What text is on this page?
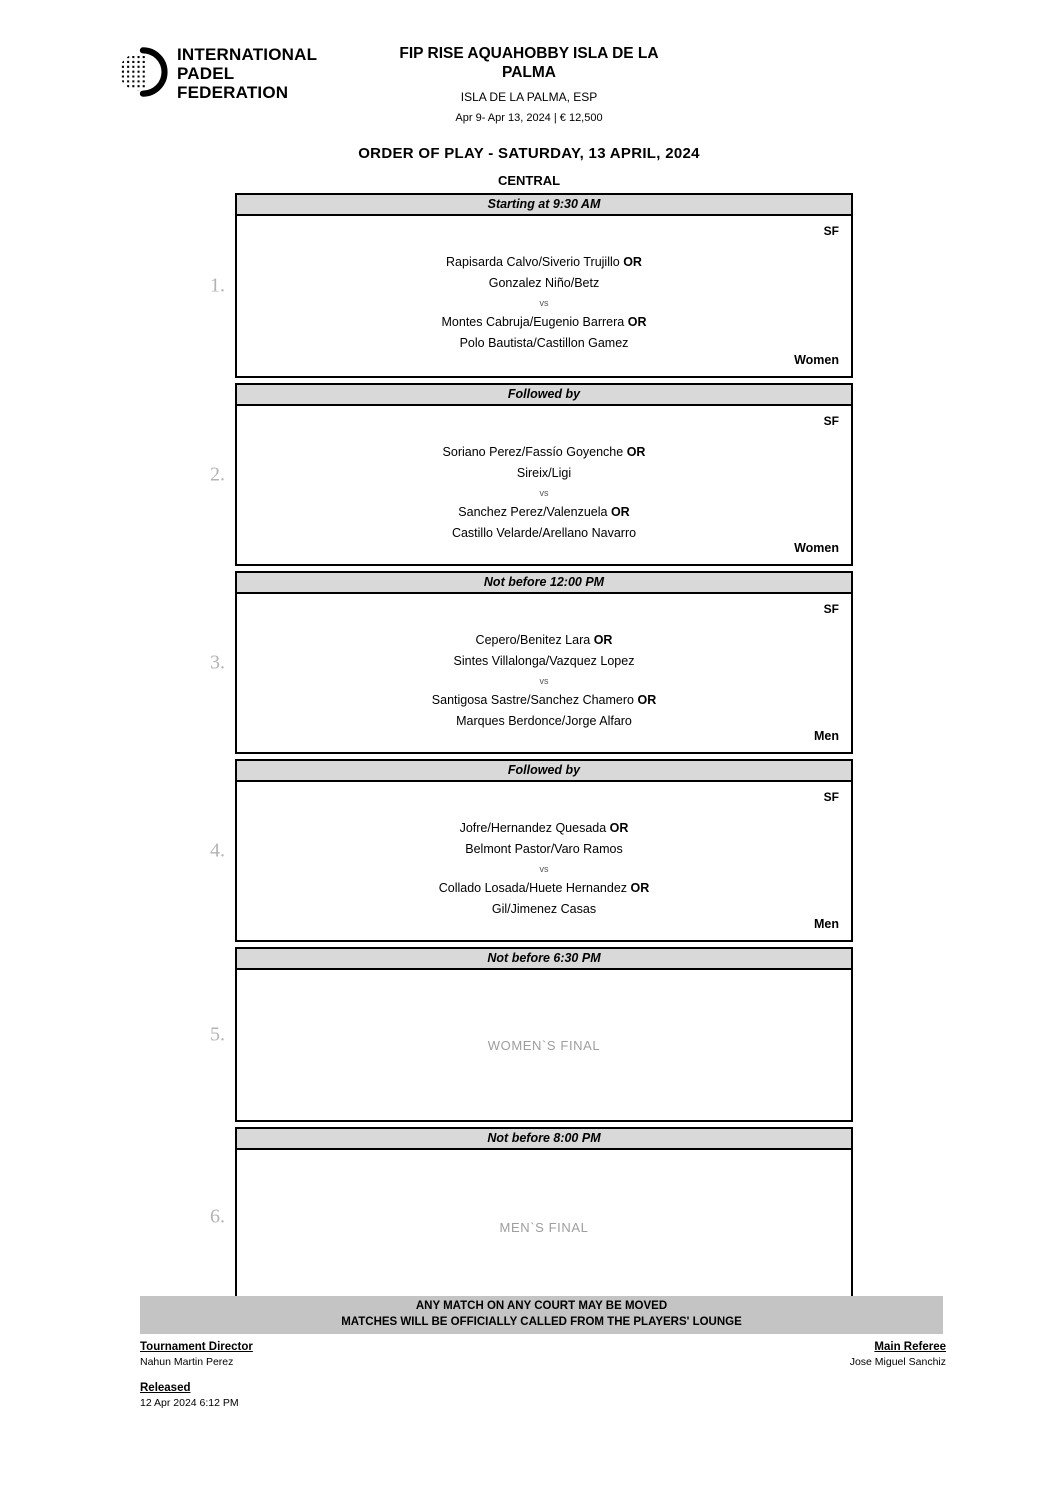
INTERNATIONAL
PADEL
FEDERATION
FIP RISE AQUAHOBBY ISLA DE LA
PALMA
ISLA DE LA PALMA, ESP
Apr 9- Apr 13, 2024 | € 12,500
ORDER OF PLAY - SATURDAY, 13 APRIL, 2024
CENTRAL
1.
Starting at 9:30 AM
SF
Rapisarda Calvo/Siverio Trujillo OR
Gonzalez Niño/Betz
vs
Montes Cabruja/Eugenio Barrera OR
Polo Bautista/Castillon Gamez
Women
2.
Followed by
SF
Soriano Perez/Fassío Goyenche OR
Sireix/Ligi
vs
Sanchez Perez/Valenzuela OR
Castillo Velarde/Arellano Navarro
Women
3.
Not before 12:00 PM
SF
Cepero/Benitez Lara OR
Sintes Villalonga/Vazquez Lopez
vs
Santigosa Sastre/Sanchez Chamero OR
Marques Berdonce/Jorge Alfaro
Men
4.
Followed by
SF
Jofre/Hernandez Quesada OR
Belmont Pastor/Varo Ramos
vs
Collado Losada/Huete Hernandez OR
Gil/Jimenez Casas
Men
5.
Not before 6:30 PM
WOMEN`S FINAL
6.
Not before 8:00 PM
MEN`S FINAL
ANY MATCH ON ANY COURT MAY BE MOVED
MATCHES WILL BE OFFICIALLY CALLED FROM THE PLAYERS' LOUNGE
Tournament Director
Nahun Martin Perez
Released
12 Apr 2024 6:12 PM
Main Referee
Jose Miguel Sanchiz
